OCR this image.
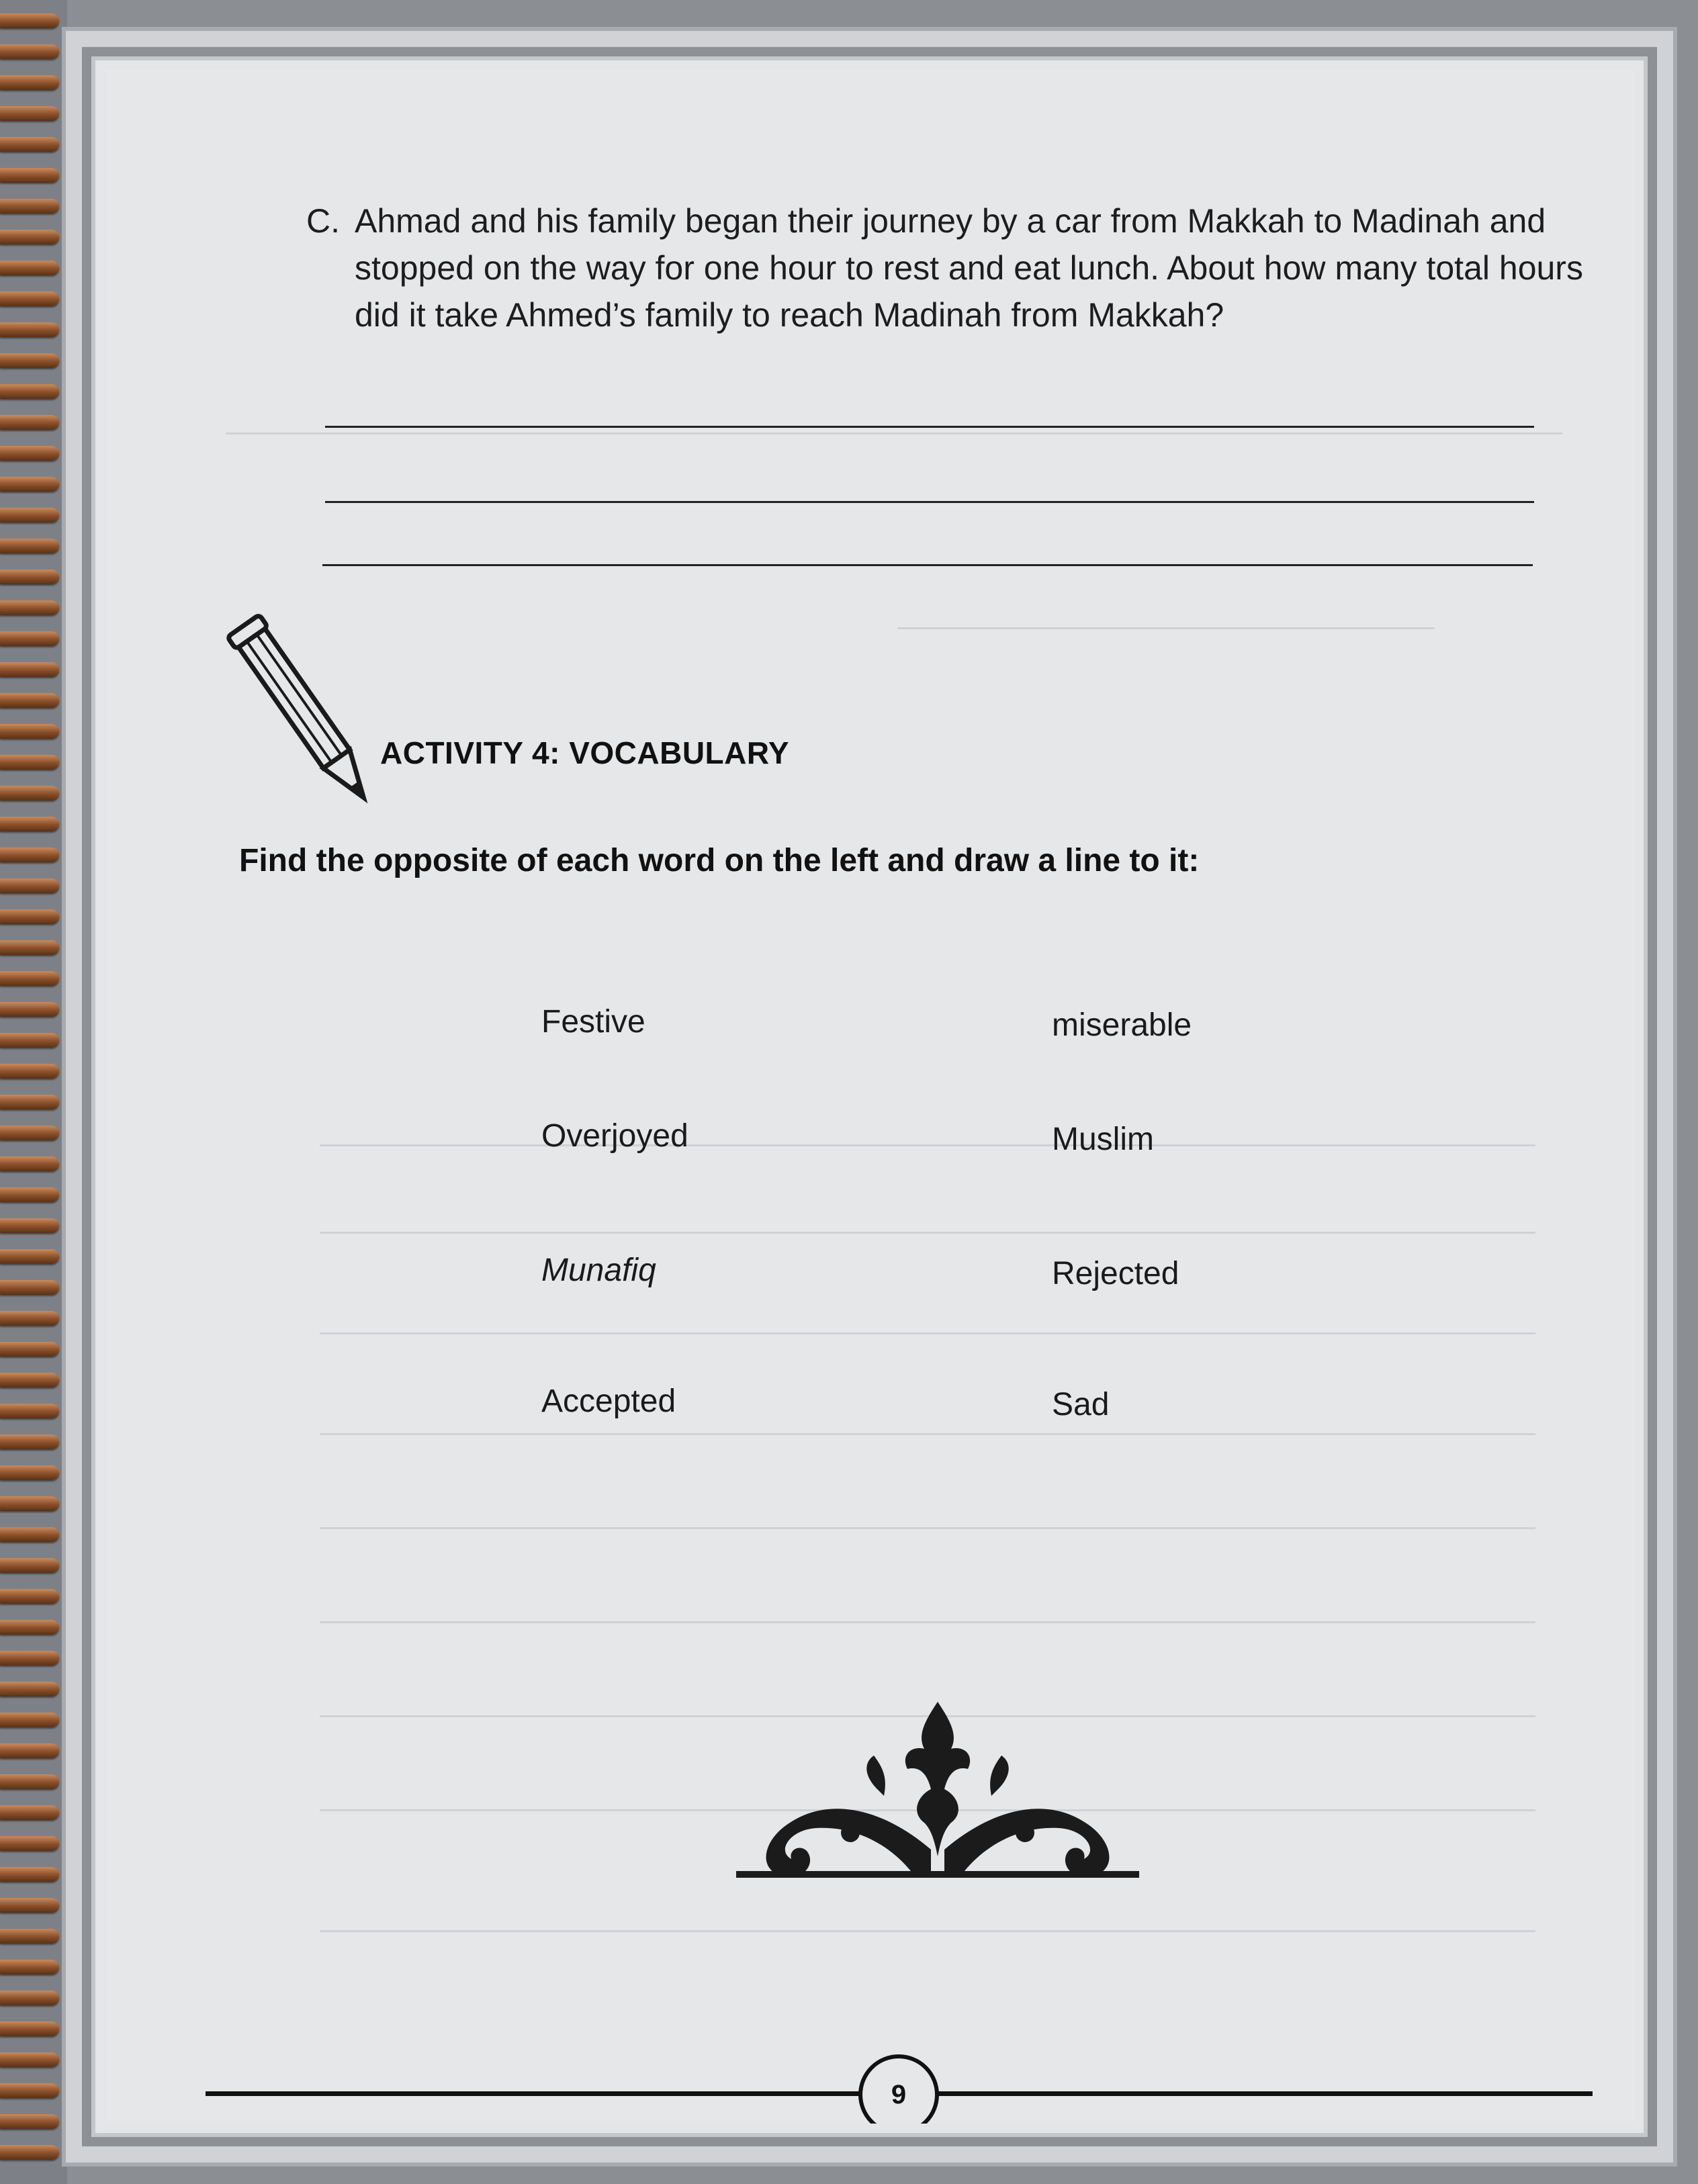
C. Ahmad and his family began their journey by a car from Makkah to Madinah and stopped on the way for one hour to rest and eat lunch. About how many total hours did it take Ahmed’s family to reach Madinah from Makkah?
ACTIVITY 4: VOCABULARY
Find the opposite of each word on the left and draw a line to it:
Festive
Overjoyed
Munafiq
Accepted
miserable
Muslim
Rejected
Sad
9
